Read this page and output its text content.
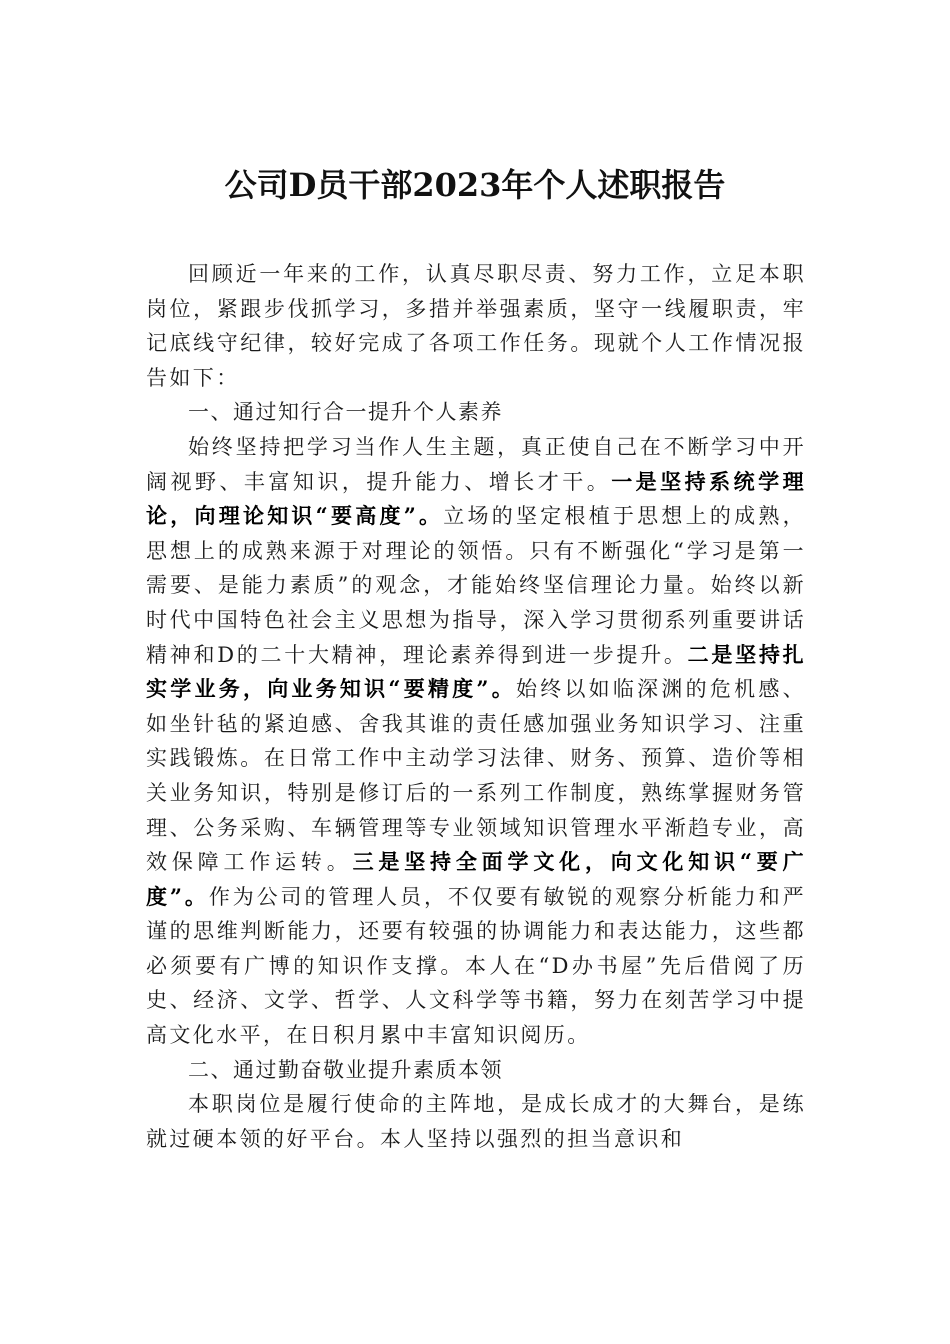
公司D员干部2023年个人述职报告

回顾近一年来的工作，认真尽职尽责、努力工作，立足本职岗位，紧跟步伐抓学习，多措并举强素质，坚守一线履职责，牢记底线守纪律，较好完成了各项工作任务。现就个人工作情况报告如下：

一、通过知行合一提升个人素养

始终坚持把学习当作人生主题，真正使自己在不断学习中开阔视野、丰富知识，提升能力、增长才干。一是坚持系统学理论，向理论知识“要高度”。立场的坚定根植于思想上的成熟，思想上的成熟来源于对理论的领悟。只有不断强化“学习是第一需要、是能力素质”的观念，才能始终坚信理论力量。始终以新时代中国特色社会主义思想为指导，深入学习贯彻系列重要讲话精神和D的二十大精神，理论素养得到进一步提升。二是坚持扎实学业务，向业务知识“要精度”。始终以如临深渊的危机感、如坐针毡的紧迫感、舍我其谁的责任感加强业务知识学习、注重实践锻炼。在日常工作中主动学习法律、财务、预算、造价等相关业务知识，特别是修订后的一系列工作制度，熟练掌握财务管理、公务采购、车辆管理等专业领域知识管理水平渐趋专业，高效保障工作运转。三是坚持全面学文化，向文化知识“要广度”。作为公司的管理人员，不仅要有敏锐的观察分析能力和严谨的思维判断能力，还要有较强的协调能力和表达能力，这些都必须要有广博的知识作支撑。本人在“D办书屋”先后借阅了历史、经济、文学、哲学、人文科学等书籍，努力在刻苦学习中提高文化水平，在日积月累中丰富知识阅历。

二、通过勤奋敬业提升素质本领

本职岗位是履行使命的主阵地，是成长成才的大舞台，是练就过硬本领的好平台。本人坚持以强烈的担当意识和
